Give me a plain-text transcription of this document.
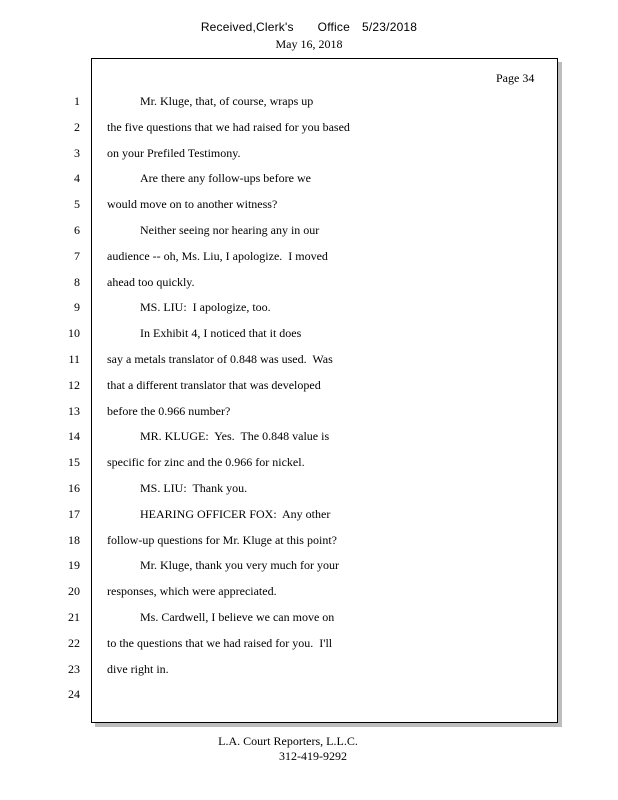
Received,Clerk's Office 5/23/2018
May 16, 2018
Page 34
1	Mr. Kluge, that, of course, wraps up
2 the five questions that we had raised for you based
3 on your Prefiled Testimony.
4	Are there any follow-ups before we
5 would move on to another witness?
6	Neither seeing nor hearing any in our
7 audience -- oh, Ms. Liu, I apologize.  I moved
8 ahead too quickly.
9	MS. LIU:  I apologize, too.
10	In Exhibit 4, I noticed that it does
11 say a metals translator of 0.848 was used.  Was
12 that a different translator that was developed
13 before the 0.966 number?
14	MR. KLUGE:  Yes.  The 0.848 value is
15 specific for zinc and the 0.966 for nickel.
16	MS. LIU:  Thank you.
17	HEARING OFFICER FOX:  Any other
18 follow-up questions for Mr. Kluge at this point?
19	Mr. Kluge, thank you very much for your
20 responses, which were appreciated.
21	Ms. Cardwell, I believe we can move on
22 to the questions that we had raised for you.  I'll
23 dive right in.
24
L.A. Court Reporters, L.L.C.
312-419-9292
